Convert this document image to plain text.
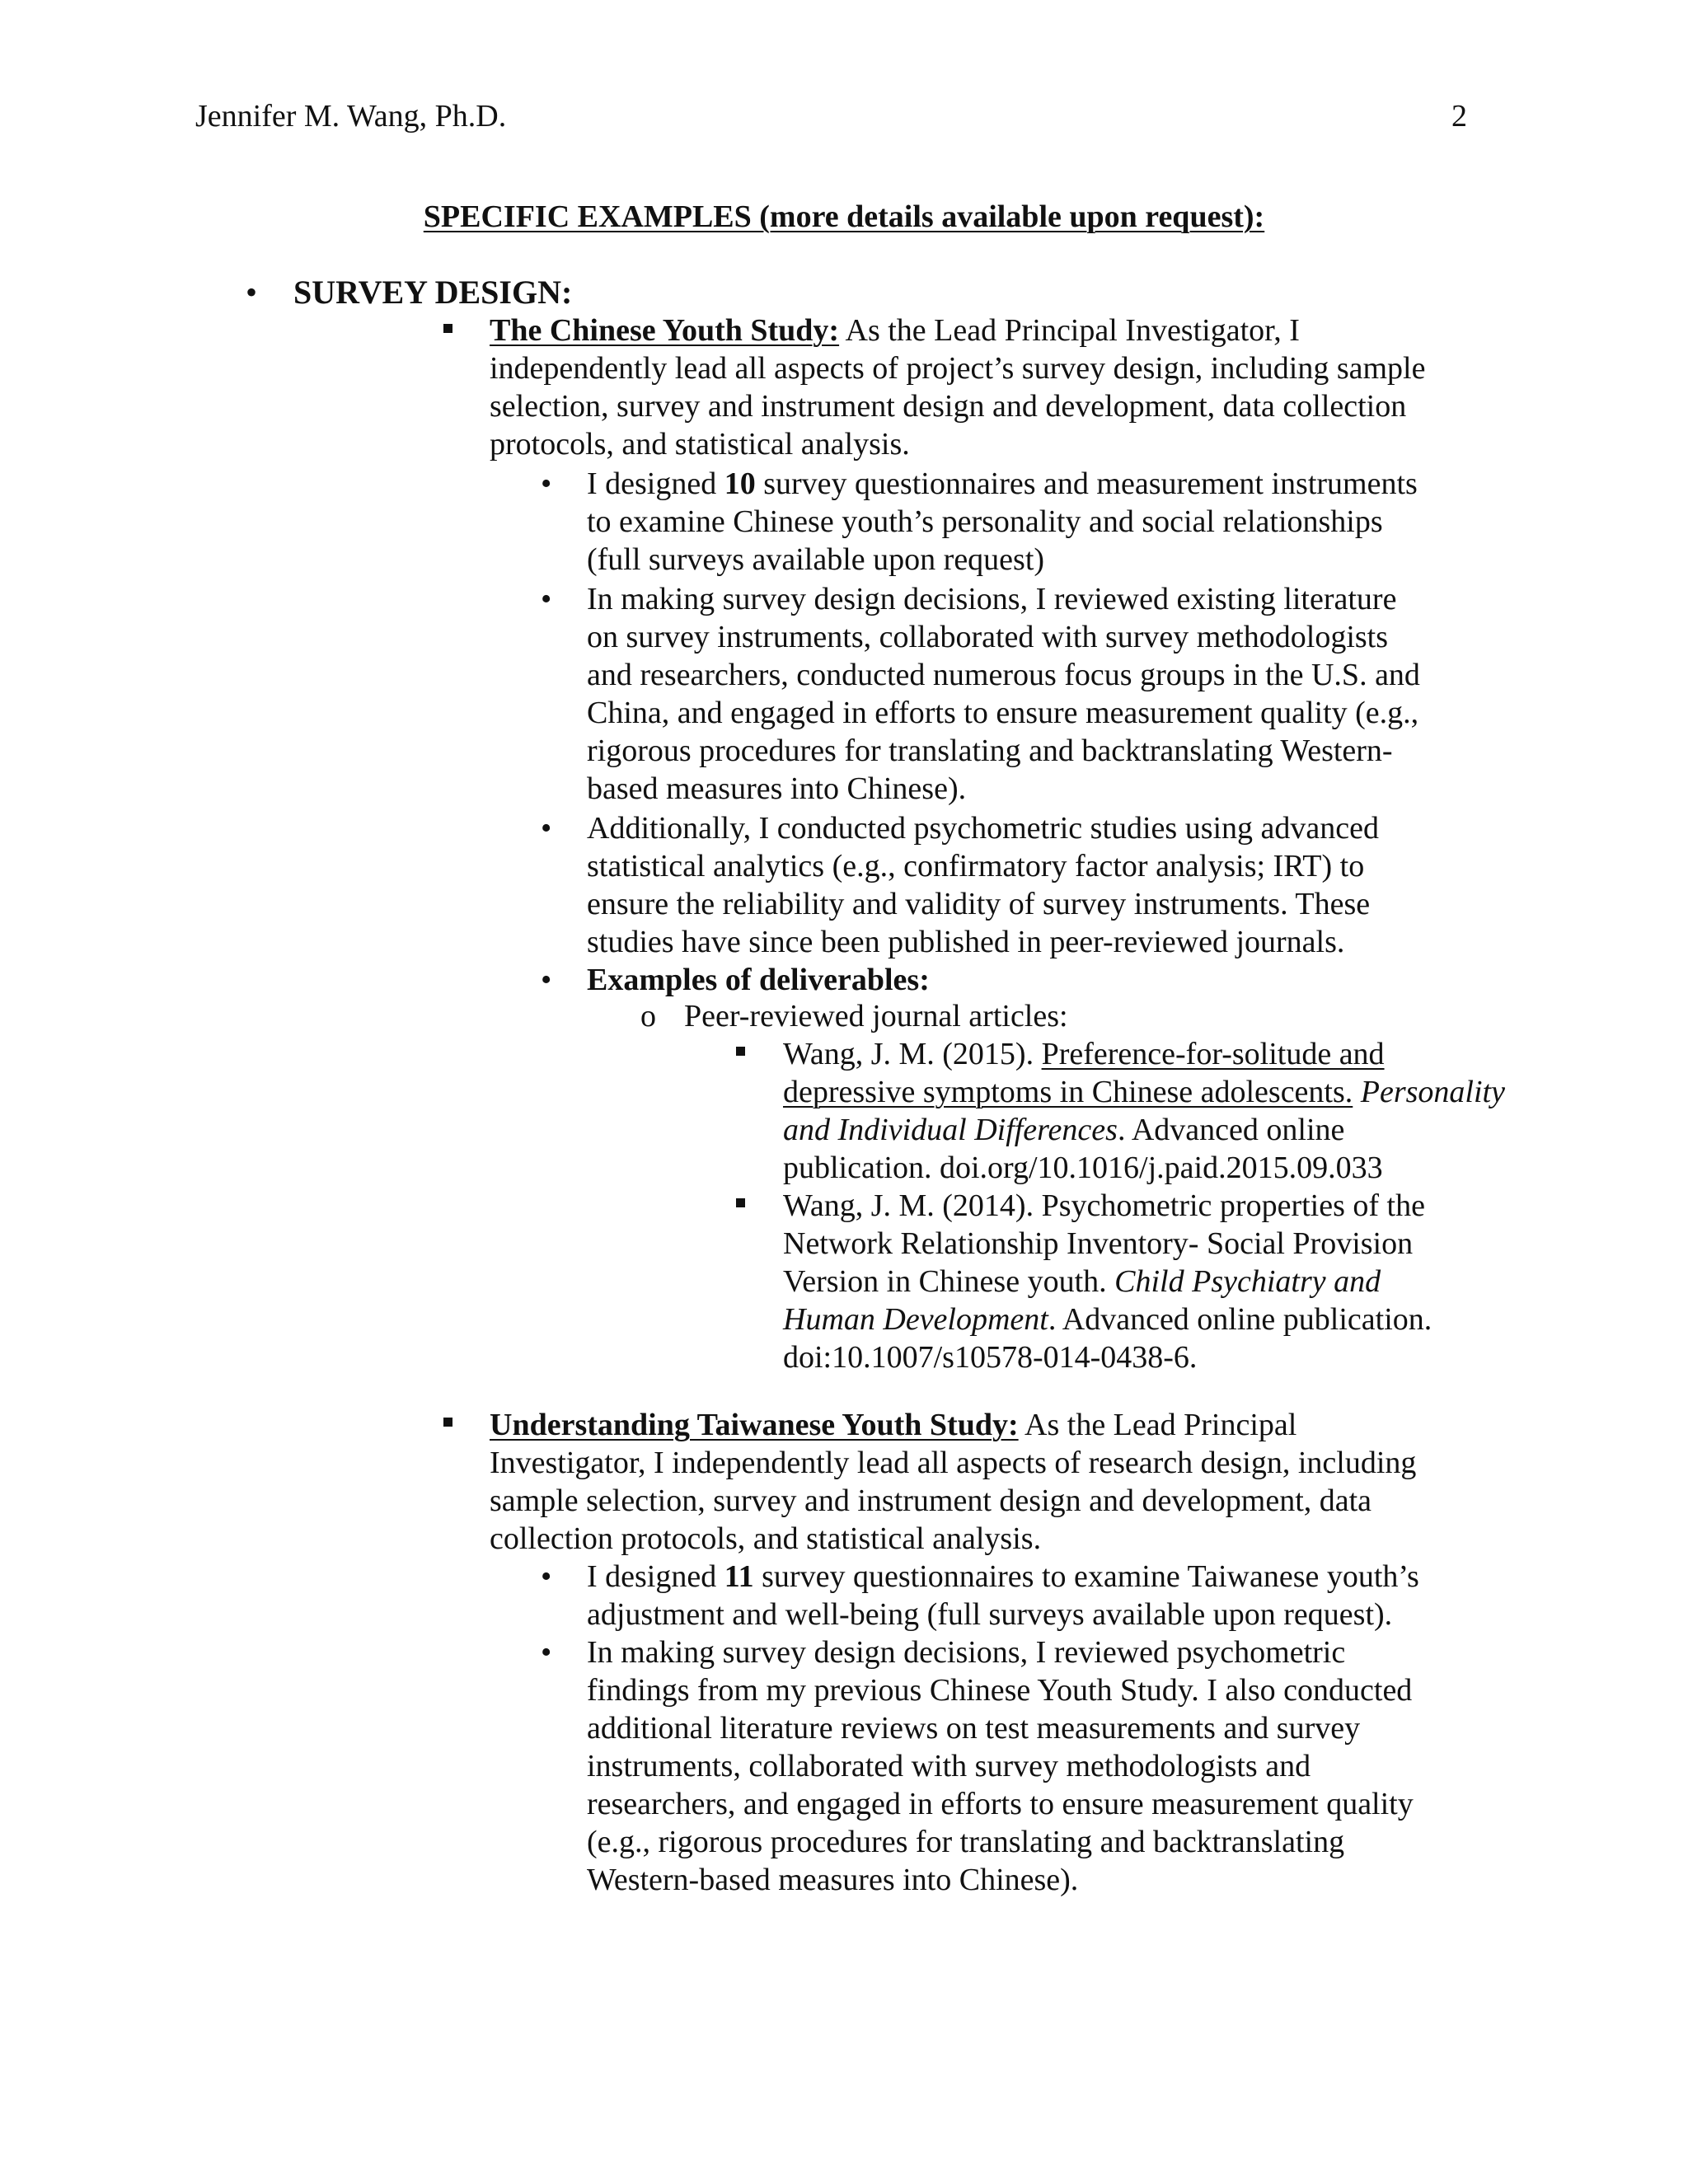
Jennifer M. Wang, Ph.D.	2
SPECIFIC EXAMPLES (more details available upon request):
• SURVEY DESIGN:
The Chinese Youth Study: As the Lead Principal Investigator, I
independently lead all aspects of project’s survey design, including sample
selection, survey and instrument design and development, data collection
protocols, and statistical analysis.
• I designed 10 survey questionnaires and measurement instruments
to examine Chinese youth’s personality and social relationships
(full surveys available upon request)
• In making survey design decisions, I reviewed existing literature
on survey instruments, collaborated with survey methodologists
and researchers, conducted numerous focus groups in the U.S. and
China, and engaged in efforts to ensure measurement quality (e.g.,
rigorous procedures for translating and backtranslating Western-
based measures into Chinese).
• Additionally, I conducted psychometric studies using advanced
statistical analytics (e.g., confirmatory factor analysis; IRT) to
ensure the reliability and validity of survey instruments. These
studies have since been published in peer-reviewed journals.
• Examples of deliverables:
o Peer-reviewed journal articles:
Wang, J. M. (2015). Preference-for-solitude and
depressive symptoms in Chinese adolescents. Personality
and Individual Differences. Advanced online
publication. doi.org/10.1016/j.paid.2015.09.033
Wang, J. M. (2014). Psychometric properties of the
Network Relationship Inventory- Social Provision
Version in Chinese youth. Child Psychiatry and
Human Development. Advanced online publication.
doi:10.1007/s10578-014-0438-6.
Understanding Taiwanese Youth Study: As the Lead Principal
Investigator, I independently lead all aspects of research design, including
sample selection, survey and instrument design and development, data
collection protocols, and statistical analysis.
• I designed 11 survey questionnaires to examine Taiwanese youth’s
adjustment and well-being (full surveys available upon request).
• In making survey design decisions, I reviewed psychometric
findings from my previous Chinese Youth Study. I also conducted
additional literature reviews on test measurements and survey
instruments, collaborated with survey methodologists and
researchers, and engaged in efforts to ensure measurement quality
(e.g., rigorous procedures for translating and backtranslating
Western-based measures into Chinese).
